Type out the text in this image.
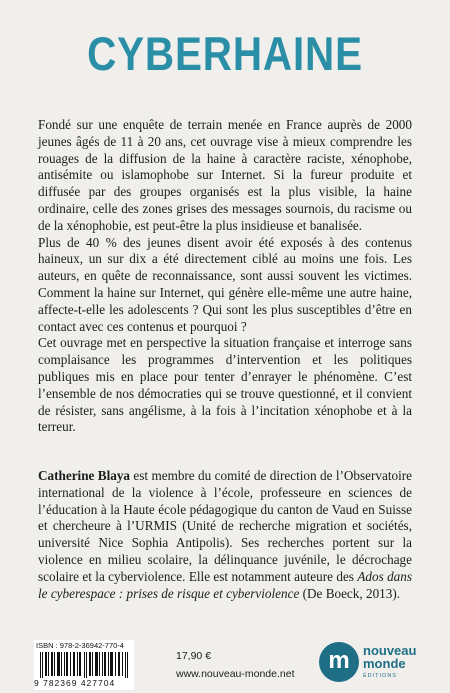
CYBERHAINE

Fondé sur une enquête de terrain menée en France auprès de 2000 jeunes âgés de 11 à 20 ans, cet ouvrage vise à mieux comprendre les rouages de la diffusion de la haine à caractère raciste, xénophobe, antisémite ou islamophobe sur Internet. Si la fureur produite et diffusée par des groupes organisés est la plus visible, la haine ordinaire, celle des zones grises des messages sournois, du racisme ou de la xénophobie, est peut-être la plus insidieuse et banalisée.

Plus de 40 % des jeunes disent avoir été exposés à des contenus haineux, un sur dix a été directement ciblé au moins une fois. Les auteurs, en quête de reconnaissance, sont aussi souvent les victimes. Comment la haine sur Internet, qui génère elle-même une autre haine, affecte-t-elle les adolescents ? Qui sont les plus susceptibles d’être en contact avec ces contenus et pourquoi ?

Cet ouvrage met en perspective la situation française et interroge sans complaisance les programmes d’intervention et les politiques publiques mis en place pour tenter d’enrayer le phénomène. C’est l’ensemble de nos démocraties qui se trouve questionné, et il convient de résister, sans angélisme, à la fois à l’incitation xénophobe et à la terreur.

Catherine Blaya est membre du comité de direction de l’Observatoire international de la violence à l’école, professeure en sciences de l’éducation à la Haute école pédagogique du canton de Vaud en Suisse et chercheure à l’URMIS (Unité de recherche migration et sociétés, université Nice Sophia Antipolis). Ses recherches portent sur la violence en milieu scolaire, la délinquance juvénile, le décrochage scolaire et la cyberviolence. Elle est notamment auteure des Ados dans le cyberespace : prises de risque et cyberviolence (De Boeck, 2013).

ISBN : 978-2-36942-770-4
9 782369 427704
17,90 €
www.nouveau-monde.net	m	nouveau
monde
ÉDITIONS
